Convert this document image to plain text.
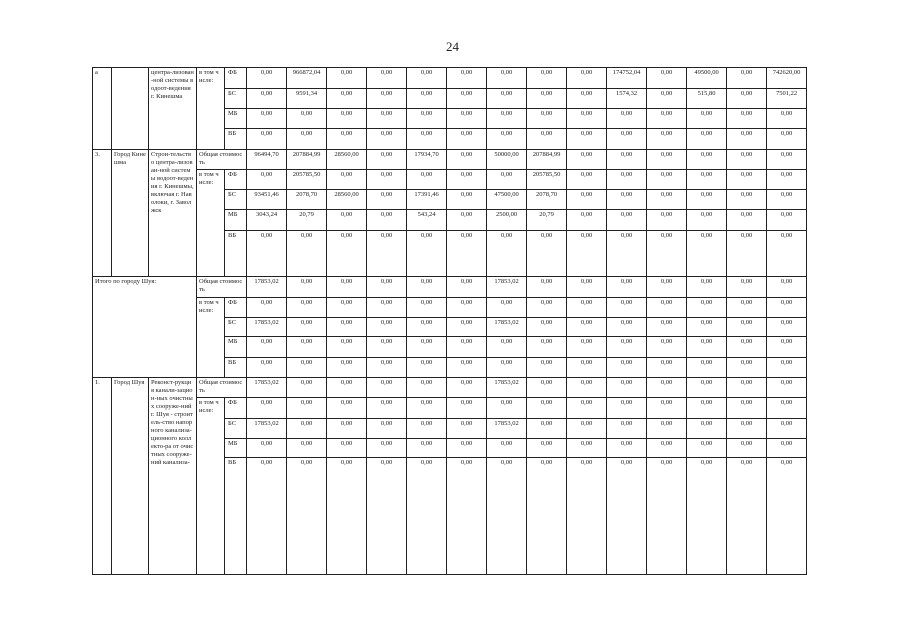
24
а		центра-лизован-ной системы водоот-ведения г. Кинешма	в том числе:	ФБ	0,00	966872,04	0,00	0,00	0,00	0,00	0,00	0,00	0,00	174752,04	0,00	49500,00	0,00	742620,00
				БС	0,00	9591,34	0,00	0,00	0,00	0,00	0,00	0,00	0,00	1574,32	0,00	515,80	0,00	7501,22
				МБ	0,00	0,00	0,00	0,00	0,00	0,00	0,00	0,00	0,00	0,00	0,00	0,00	0,00	0,00
				ВБ	0,00	0,00	0,00	0,00	0,00	0,00	0,00	0,00	0,00	0,00	0,00	0,00	0,00	0,00
3.	Город Кинешма	Строи-тельство центра-лизован-ной системы водоот-ведения г. Кинешмы, включая г. Наволоки, г. Заволжск	Общая стоимость		96494,70	207884,99	28560,00	0,00	17934,70	0,00	50000,00	207884,99	0,00	0,00	0,00	0,00	0,00	0,00
			в том числе:	ФБ	0,00	205785,50	0,00	0,00	0,00	0,00	0,00	205785,50	0,00	0,00	0,00	0,00	0,00	0,00
				БС	93451,46	2078,70	28560,00	0,00	17391,46	0,00	47500,00	2078,70	0,00	0,00	0,00	0,00	0,00	0,00
				МБ	3043,24	20,79	0,00	0,00	543,24	0,00	2500,00	20,79	0,00	0,00	0,00	0,00	0,00	0,00
				ВБ	0,00	0,00	0,00	0,00	0,00	0,00	0,00	0,00	0,00	0,00	0,00	0,00	0,00	0,00
Итого по городу Шуя:			Общая стоимость		17853,02	0,00	0,00	0,00	0,00	0,00	17853,02	0,00	0,00	0,00	0,00	0,00	0,00	0,00
			в том числе:	ФБ	0,00	0,00	0,00	0,00	0,00	0,00	0,00	0,00	0,00	0,00	0,00	0,00	0,00	0,00
				БС	17853,02	0,00	0,00	0,00	0,00	0,00	17853,02	0,00	0,00	0,00	0,00	0,00	0,00	0,00
				МБ	0,00	0,00	0,00	0,00	0,00	0,00	0,00	0,00	0,00	0,00	0,00	0,00	0,00	0,00
				ВБ	0,00	0,00	0,00	0,00	0,00	0,00	0,00	0,00	0,00	0,00	0,00	0,00	0,00	0,00
1.	Город Шуя	Реконст-рукция канали-зацион-ных очистных сооруже-ний г. Шуя - строитель-ство напорного канализа-ционного коллекто-ра от очистных сооруже-ний канализа-	Общая стоимость		17853,02	0,00	0,00	0,00	0,00	0,00	17853,02	0,00	0,00	0,00	0,00	0,00	0,00	0,00
			в том числе:	ФБ	0,00	0,00	0,00	0,00	0,00	0,00	0,00	0,00	0,00	0,00	0,00	0,00	0,00	0,00
				БС	17853,02	0,00	0,00	0,00	0,00	0,00	17853,02	0,00	0,00	0,00	0,00	0,00	0,00	0,00
				МБ	0,00	0,00	0,00	0,00	0,00	0,00	0,00	0,00	0,00	0,00	0,00	0,00	0,00	0,00
				ВБ	0,00	0,00	0,00	0,00	0,00	0,00	0,00	0,00	0,00	0,00	0,00	0,00	0,00	0,00
